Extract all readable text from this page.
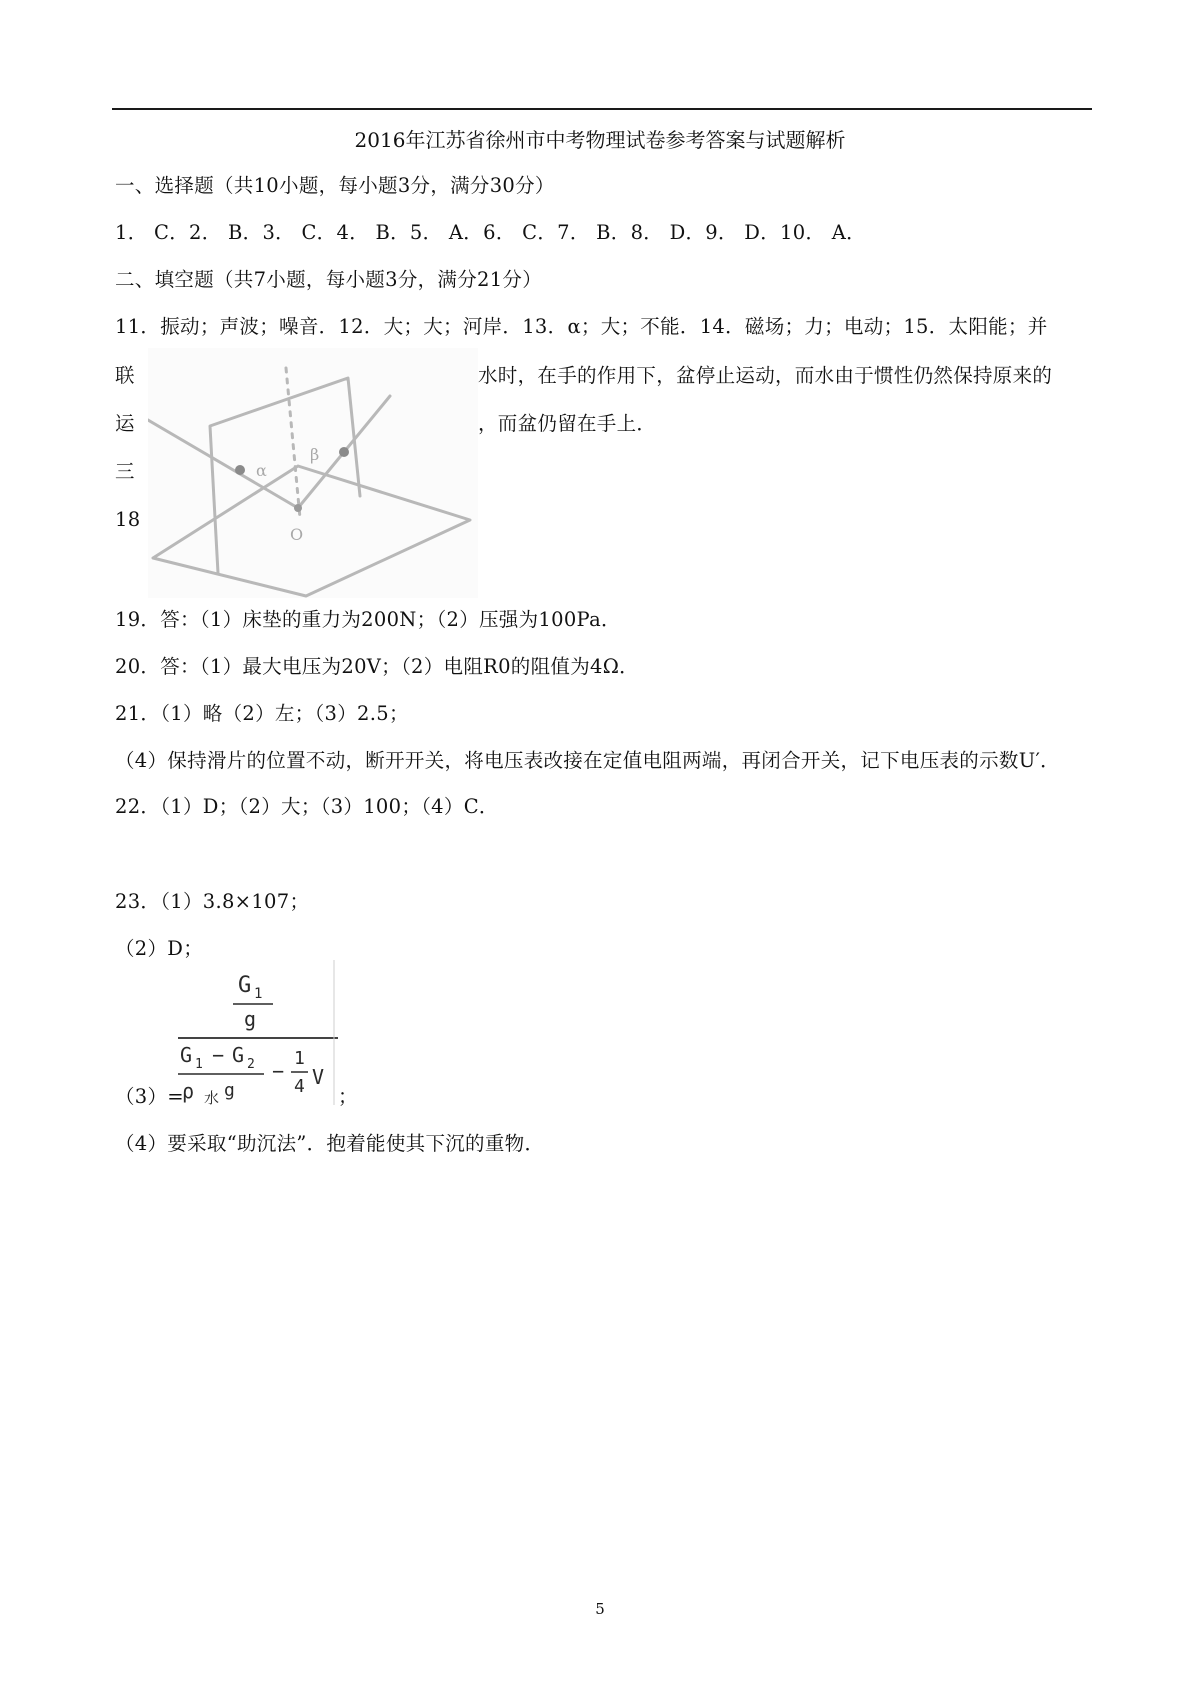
2016年江苏省徐州市中考物理试卷参考答案与试题解析
一、选择题（共10小题，每小题3分，满分30分）
1． C．2． B．3． C．4． B．5． A．6． C．7． B．8． D．9． D．10． A．
二、填空题（共7小题，每小题3分，满分21分）
11．振动；声波；噪音．12．大；大；河岸．13．α；大；不能．14．磁场；力；电动；15．太阳能；并
联	水时，在手的作用下，盆停止运动，而水由于惯性仍然保持原来的
运	，而盆仍留在手上．
三
18
α
β
O
19．答：（1）床垫的重力为200N；（2）压强为100Pa．
20．答：（1）最大电压为20V；（2）电阻R0的阻值为4Ω．
21．（1）略（2）左；（3）2.5；
（4）保持滑片的位置不动，断开开关，将电压表改接在定值电阻两端，再闭合开关，记下电压表的示数U′．
22．（1）D；（2）大；（3）100；（4）C．
23．（1）3.8×107；
（2）D；
G 1
g
G 1 − G 2
ρ 水 g
−
1
4 V
（3）=	；
（4）要采取“助沉法”．抱着能使其下沉的重物．
5
